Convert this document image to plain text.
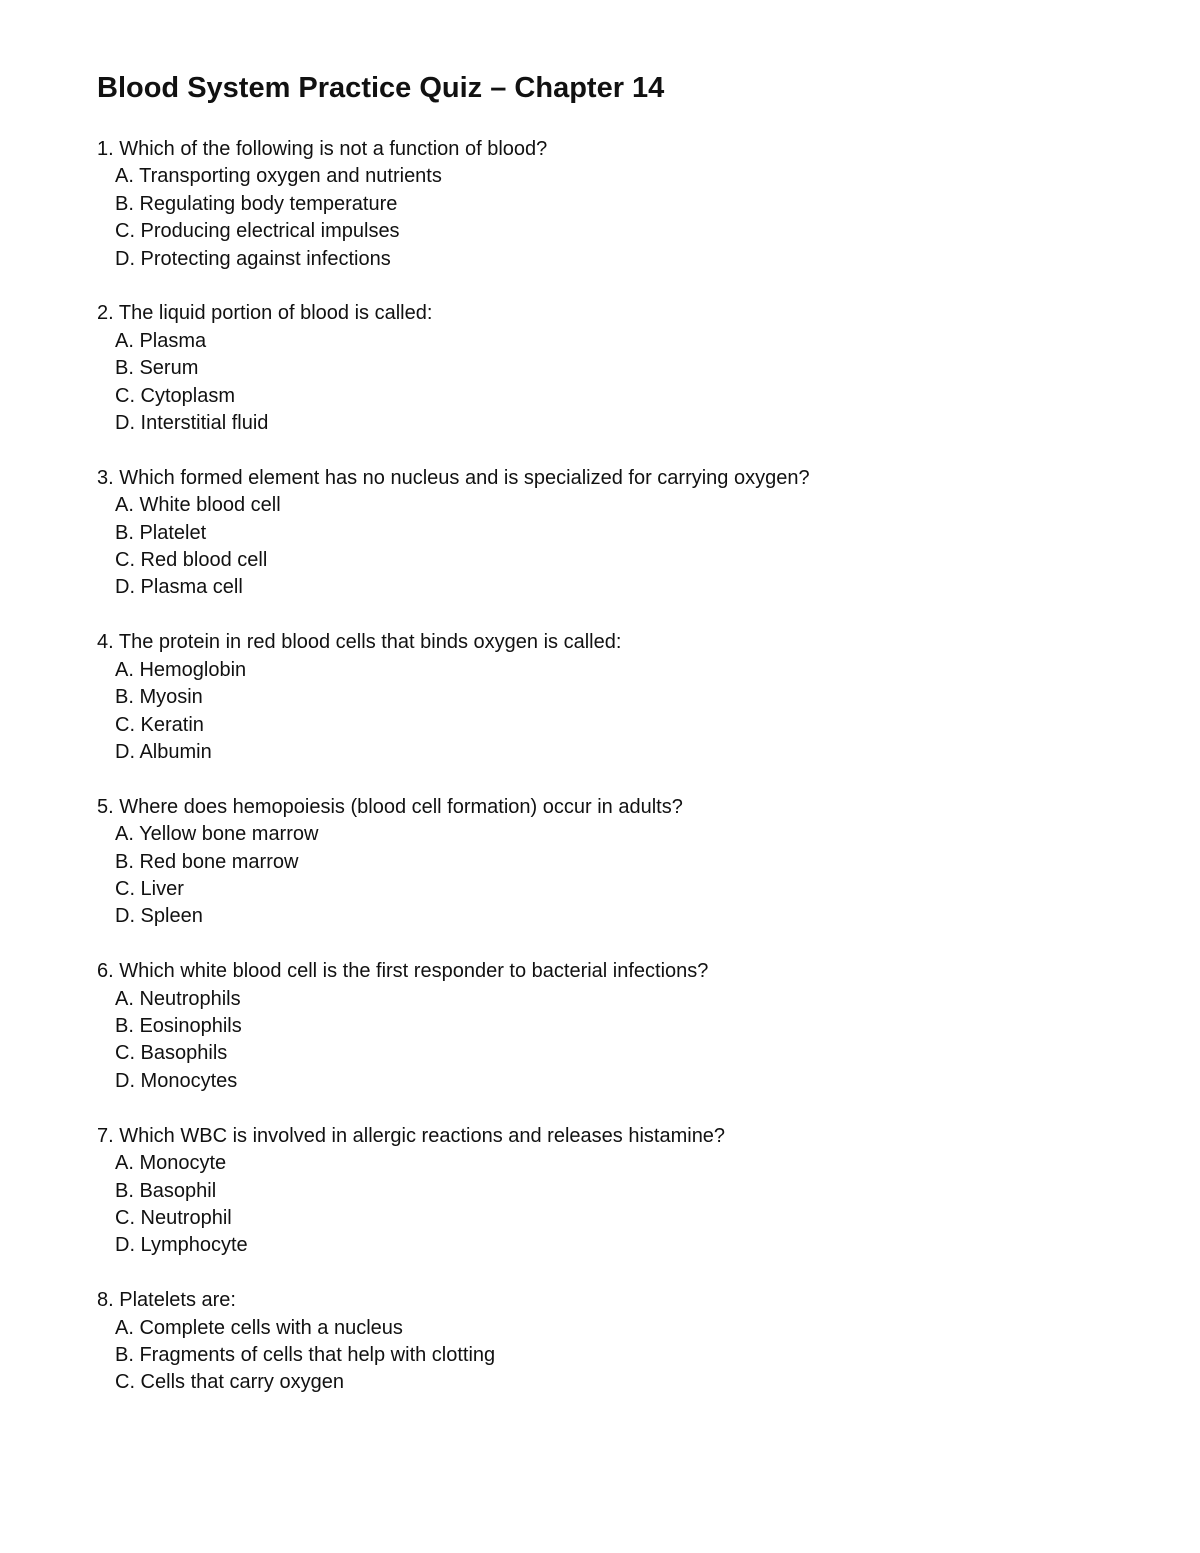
Blood System Practice Quiz – Chapter 14
1. Which of the following is not a function of blood?
A. Transporting oxygen and nutrients
B. Regulating body temperature
C. Producing electrical impulses
D. Protecting against infections
2. The liquid portion of blood is called:
A. Plasma
B. Serum
C. Cytoplasm
D. Interstitial fluid
3. Which formed element has no nucleus and is specialized for carrying oxygen?
A. White blood cell
B. Platelet
C. Red blood cell
D. Plasma cell
4. The protein in red blood cells that binds oxygen is called:
A. Hemoglobin
B. Myosin
C. Keratin
D. Albumin
5. Where does hemopoiesis (blood cell formation) occur in adults?
A. Yellow bone marrow
B. Red bone marrow
C. Liver
D. Spleen
6. Which white blood cell is the first responder to bacterial infections?
A. Neutrophils
B. Eosinophils
C. Basophils
D. Monocytes
7. Which WBC is involved in allergic reactions and releases histamine?
A. Monocyte
B. Basophil
C. Neutrophil
D. Lymphocyte
8. Platelets are:
A. Complete cells with a nucleus
B. Fragments of cells that help with clotting
C. Cells that carry oxygen
